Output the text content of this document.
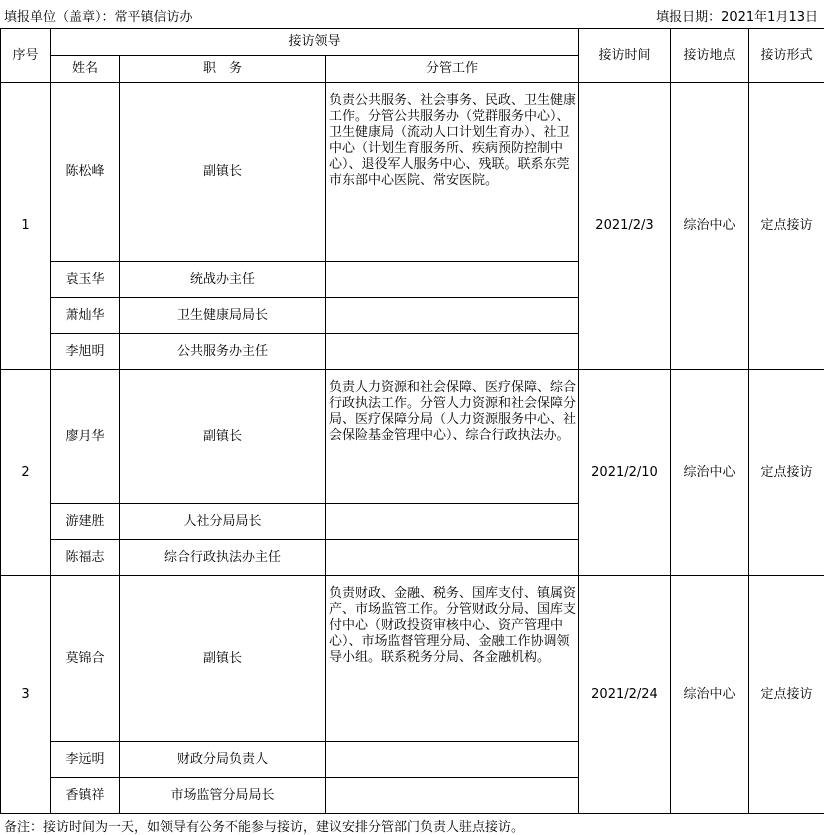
填报单位（盖章）：常平镇信访办	填报日期：2021年1月13日
序号	接访领导			接访时间	接访地点	接访形式
	姓名	职　务	分管工作			
1	陈松峰	副镇长	负责公共服务、社会事务、民政、卫生健康工作。分管公共服务办（党群服务中心）、卫生健康局（流动人口计划生育办）、社卫中心（计划生育服务所、疾病预防控制中心）、退役军人服务中心、残联。联系东莞市东部中心医院、常安医院。	2021/2/3	综治中心	定点接访
	袁玉华	统战办主任				
	萧灿华	卫生健康局局长				
	李旭明	公共服务办主任				
2	廖月华	副镇长	负责人力资源和社会保障、医疗保障、综合行政执法工作。分管人力资源和社会保障分局、医疗保障分局（人力资源服务中心、社会保险基金管理中心）、综合行政执法办。	2021/2/10	综治中心	定点接访
	游建胜	人社分局局长				
	陈福志	综合行政执法办主任				
3	莫锦合	副镇长	负责财政、金融、税务、国库支付、镇属资产、市场监管工作。分管财政分局、国库支付中心（财政投资审核中心、资产管理中心）、市场监督管理分局、金融工作协调领导小组。联系税务分局、各金融机构。	2021/2/24	综治中心	定点接访
	李远明	财政分局负责人				
	香镇祥	市场监管分局局长				
备注：接访时间为一天，如领导有公务不能参与接访，建议安排分管部门负责人驻点接访。
